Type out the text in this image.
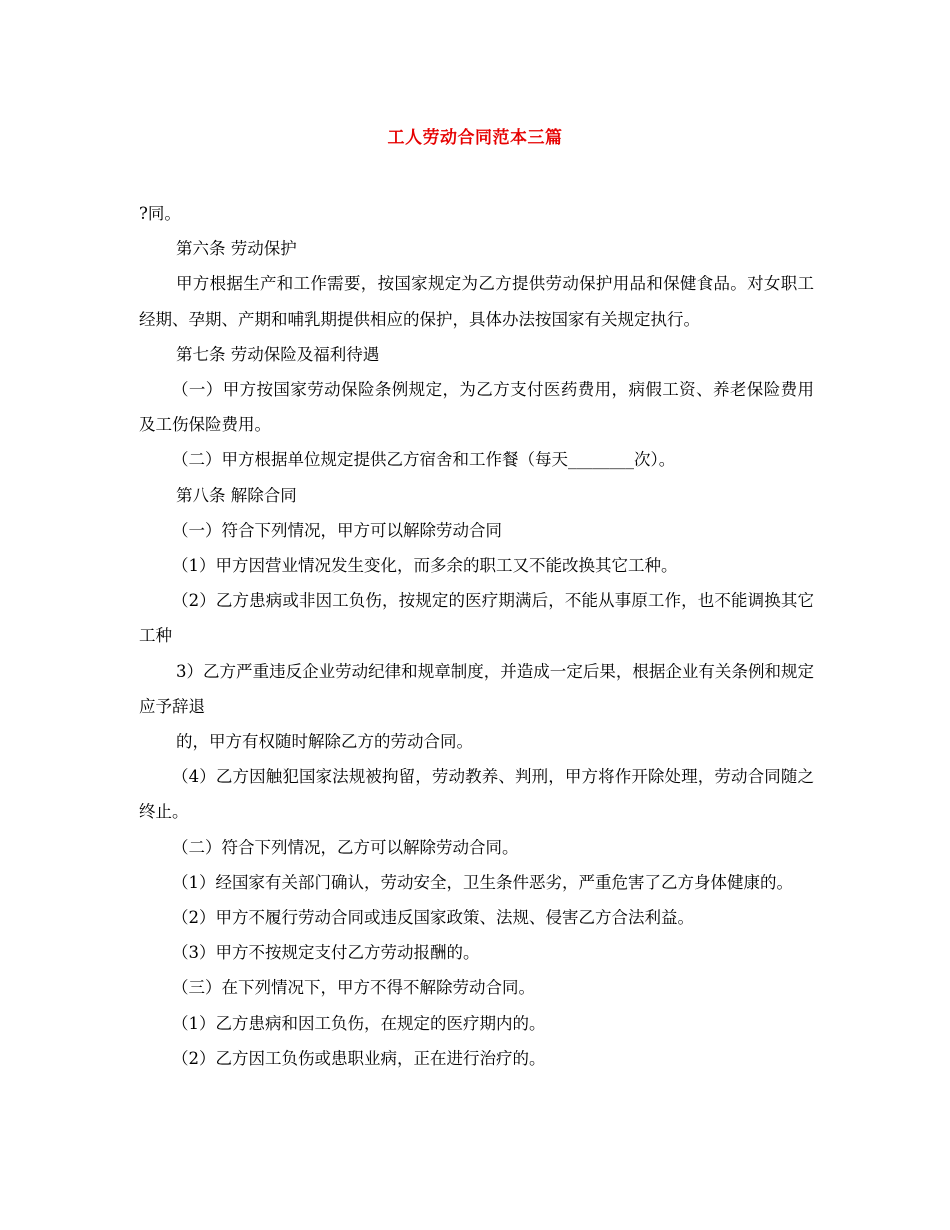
工人劳动合同范本三篇

?同。

第六条 劳动保护

甲方根据生产和工作需要，按国家规定为乙方提供劳动保护用品和保健食品。对女职工经期、孕期、产期和哺乳期提供相应的保护，具体办法按国家有关规定执行。

第七条 劳动保险及福利待遇

（一）甲方按国家劳动保险条例规定，为乙方支付医药费用，病假工资、养老保险费用及工伤保险费用。

（二）甲方根据单位规定提供乙方宿舍和工作餐（每天________次）。

第八条 解除合同

（一）符合下列情况，甲方可以解除劳动合同

（1）甲方因营业情况发生变化，而多余的职工又不能改换其它工种。

（2）乙方患病或非因工负伤，按规定的医疗期满后，不能从事原工作，也不能调换其它工种

3）乙方严重违反企业劳动纪律和规章制度，并造成一定后果，根据企业有关条例和规定应予辞退

的，甲方有权随时解除乙方的劳动合同。

（4）乙方因触犯国家法规被拘留，劳动教养、判刑，甲方将作开除处理，劳动合同随之终止。

（二）符合下列情况，乙方可以解除劳动合同。

（1）经国家有关部门确认，劳动安全，卫生条件恶劣，严重危害了乙方身体健康的。

（2）甲方不履行劳动合同或违反国家政策、法规、侵害乙方合法利益。

（3）甲方不按规定支付乙方劳动报酬的。

（三）在下列情况下，甲方不得不解除劳动合同。

（1）乙方患病和因工负伤，在规定的医疗期内的。

（2）乙方因工负伤或患职业病，正在进行治疗的。
